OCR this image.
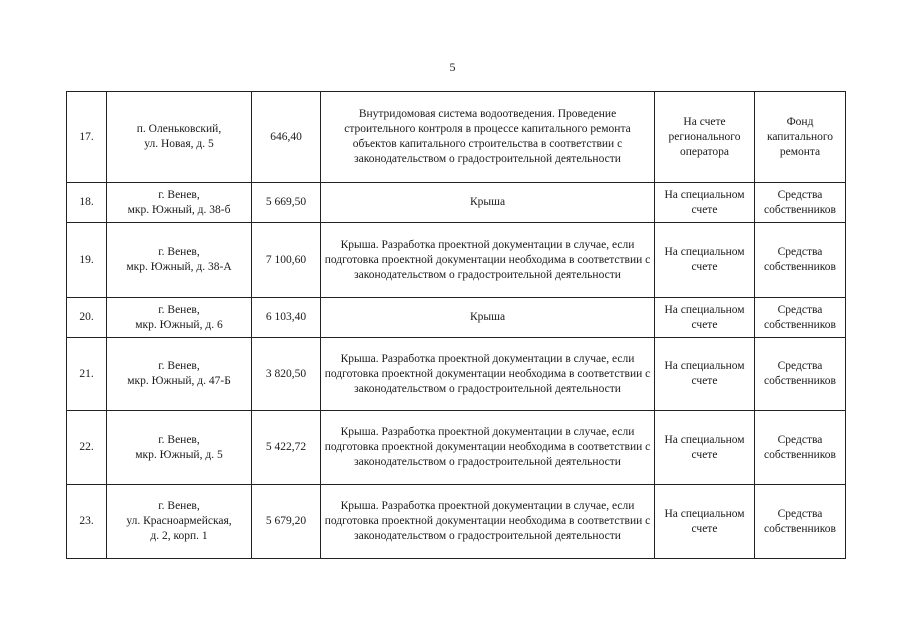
5
17.	п. Оленьковский,
ул. Новая, д. 5	646,40	Внутридомовая система водоотведения. Проведение строительного контроля в процессе капитального ремонта объектов капитального строительства в соответствии с законодательством о градостроительной деятельности	На счете регионального оператора	Фонд капитального ремонта
18.	г. Венев,
мкр. Южный, д. 38-б	5 669,50	Крыша	На специальном счете	Средства собственников
19.	г. Венев,
мкр. Южный, д. 38-А	7 100,60	Крыша. Разработка проектной документации в случае, если подготовка проектной документации необходима в соответствии с законодательством о градостроительной деятельности	На специальном счете	Средства собственников
20.	г. Венев,
мкр. Южный, д. 6	6 103,40	Крыша	На специальном счете	Средства собственников
21.	г. Венев,
мкр. Южный, д. 47-Б	3 820,50	Крыша. Разработка проектной документации в случае, если подготовка проектной документации необходима в соответствии с законодательством о градостроительной деятельности	На специальном счете	Средства собственников
22.	г. Венев,
мкр. Южный, д. 5	5 422,72	Крыша. Разработка проектной документации в случае, если подготовка проектной документации необходима в соответствии с законодательством о градостроительной деятельности	На специальном счете	Средства собственников
23.	г. Венев,
ул. Красноармейская,
д. 2, корп. 1	5 679,20	Крыша. Разработка проектной документации в случае, если подготовка проектной документации необходима в соответствии с законодательством о градостроительной деятельности	На специальном счете	Средства собственников
